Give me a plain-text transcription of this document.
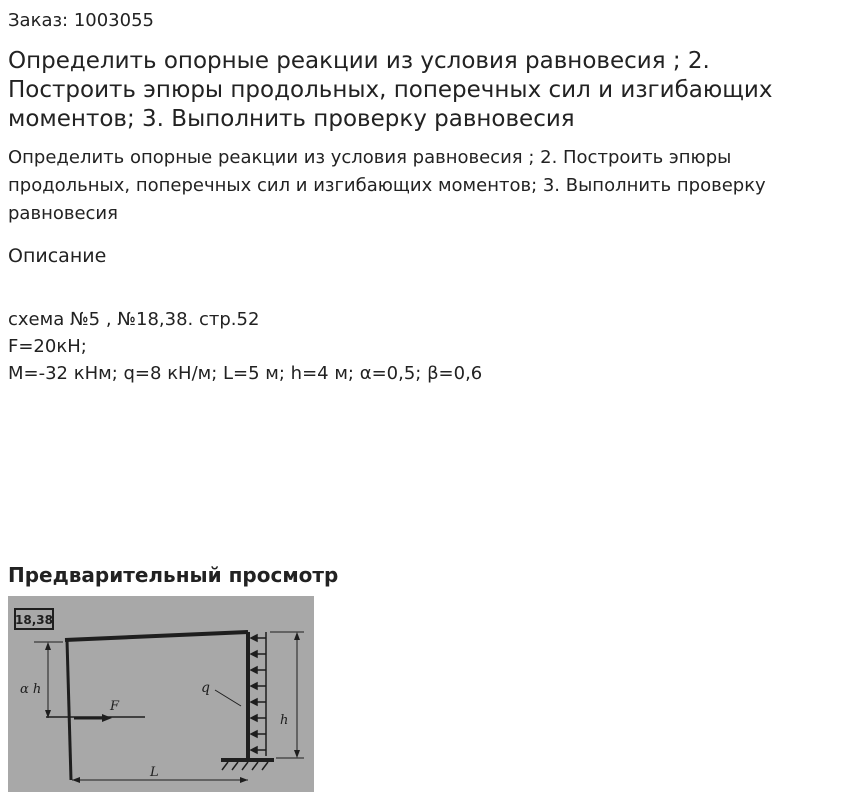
Заказ: 1003055
Определить опорные реакции из условия равновесия ; 2. Построить эпюры продольных, поперечных сил и изгибающих моментов; 3. Выполнить проверку равновесия
Определить опорные реакции из условия равновесия ; 2. Построить эпюры продольных, поперечных сил и изгибающих моментов; 3. Выполнить проверку равновесия
Описание
схема №5 , №18,38. стр.52
F=20кН;
M=-32 кНм; q=8 кН/м; L=5 м; h=4 м; α=0,5; β=0,6
Предварительный просмотр
18,38
q
F
α h
h
L
